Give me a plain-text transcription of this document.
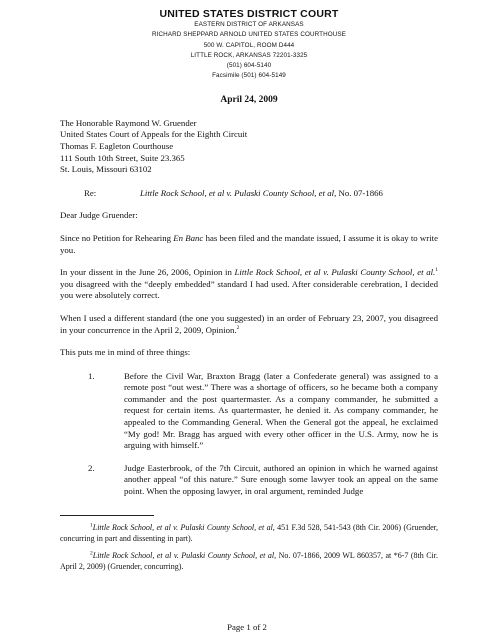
UNITED STATES DISTRICT COURT
EASTERN DISTRICT OF ARKANSAS
RICHARD SHEPPARD ARNOLD UNITED STATES COURTHOUSE
500 W. CAPITOL, ROOM D444
LITTLE ROCK, ARKANSAS 72201-3325
(501) 604-5140
Facsimile (501) 604-5149
April 24, 2009
The Honorable Raymond W. Gruender
United States Court of Appeals for the Eighth Circuit
Thomas F. Eagleton Courthouse
111 South 10th Street, Suite 23.365
St. Louis, Missouri 63102
Re:	Little Rock School, et al v. Pulaski County School, et al, No. 07-1866

Dear Judge Gruender:

Since no Petition for Rehearing En Banc has been filed and the mandate issued, I assume it is okay to write you.

In your dissent in the June 26, 2006, Opinion in Little Rock School, et al v. Pulaski County School, et al.$^1$ you disagreed with the “deeply embedded” standard I had used. After considerable cerebration, I decided you were absolutely correct.

When I used a different standard (the one you suggested) in an order of February 23, 2007, you disagreed in your concurrence in the April 2, 2009, Opinion.$^2$

This puts me in mind of three things:

1.	Before the Civil War, Braxton Bragg (later a Confederate general) was assigned to a remote post “out west.” There was a shortage of officers, so he became both a company commander and the post quartermaster. As a company commander, he submitted a request for certain items. As quartermaster, he denied it. As company commander, he appealed to the Commanding General. When the General got the appeal, he exclaimed “My god! Mr. Bragg has argued with every other officer in the U.S. Army, now he is arguing with himself.”
2.	Judge Easterbrook, of the 7th Circuit, authored an opinion in which he warned against another appeal “of this nature.” Sure enough some lawyer took an appeal on the same point. When the opposing lawyer, in oral argument, reminded Judge

$^1$Little Rock School, et al v. Pulaski County School, et al, 451 F.3d 528, 541-543 (8th Cir. 2006) (Gruender, concurring in part and dissenting in part).

$^2$Little Rock School, et al v. Pulaski County School, et al, No. 07-1866, 2009 WL 860357, at *6-7 (8th Cir. April 2, 2009) (Gruender, concurring).

Page 1 of 2
